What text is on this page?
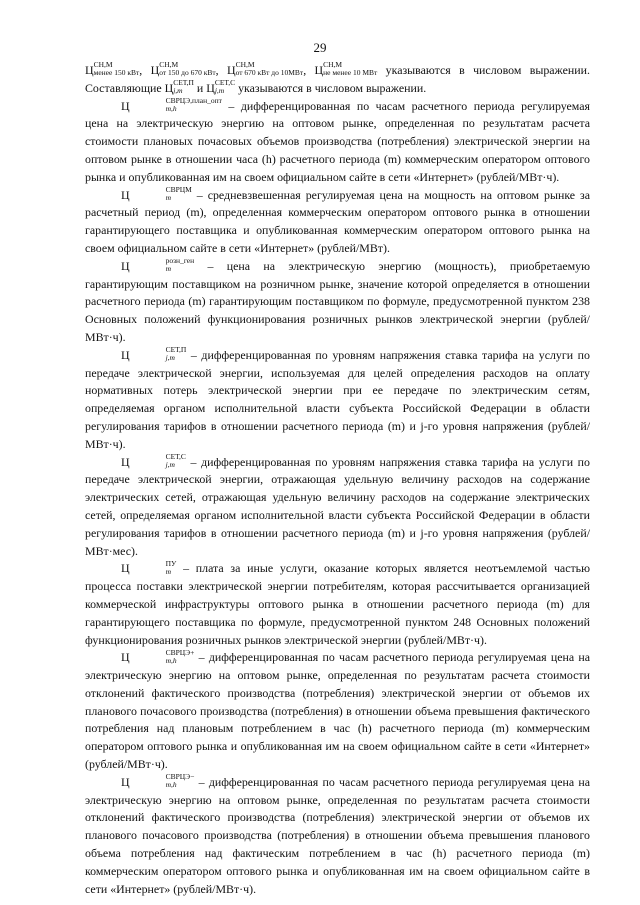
29

Ц СН,М
менее 150 кВт , Ц СН,М
от 150 до 670 кВт , Ц СН,М
от 670 кВт до 10МВт , Ц СН,М
не менее 10 МВт указываются в числовом выражении. Составляющие Ц СЕТ,П
j,m и Ц СЕТ,С
j,m указываются в числовом выражении.

Ц	СВРЦЭ,план_опт
m,h	– дифференцированная по часам расчетного периода регулируемая цена на электрическую энергию на оптовом рынке, определенная по результатам расчета стоимости плановых почасовых объемов производства (потребления) электрической энергии на оптовом рынке в отношении часа (h) расчетного периода (m) коммерческим оператором оптового рынка и опубликованная им на своем официальном сайте в сети «Интернет» (рублей/МВт·ч).

Ц	СВРЦМ
m	– средневзвешенная регулируемая цена на мощность на оптовом рынке за расчетный период (m), определенная коммерческим оператором оптового рынка в отношении гарантирующего поставщика и опубликованная коммерческим оператором оптового рынка на своем официальном сайте в сети «Интернет» (рублей/МВт).

Ц	розн_ген
m	– цена на электрическую энергию (мощность), приобретаемую гарантирующим поставщиком на розничном рынке, значение которой определяется в отношении расчетного периода (m) гарантирующим поставщиком по формуле, предусмотренной пунктом 238 Основных положений функционирования розничных рынков электрической энергии (рублей/МВт·ч).

Ц	СЕТ,П
j,m – дифференцированная по уровням напряжения ставка тарифа на услуги по передаче электрической энергии, используемая для целей определения расходов на оплату нормативных потерь электрической энергии при ее передаче по электрическим сетям, определяемая органом исполнительной власти субъекта Российской Федерации в области регулирования тарифов в отношении расчетного периода (m) и j-го уровня напряжения (рублей/МВт·ч).

Ц	СЕТ,С
j,m – дифференцированная по уровням напряжения ставка тарифа на услуги по передаче электрической энергии, отражающая удельную величину расходов на содержание электрических сетей, отражающая удельную величину расходов на содержание электрических сетей, определяемая органом исполнительной власти субъекта Российской Федерации в области регулирования тарифов в отношении расчетного периода (m) и j-го уровня напряжения (рублей/МВт·мес).

Ц	ПУ
m – плата за иные услуги, оказание которых является неотъемлемой частью процесса поставки электрической энергии потребителям, которая рассчитывается организацией коммерческой инфраструктуры оптового рынка в отношении расчетного периода (m) для гарантирующего поставщика по формуле, предусмотренной пунктом 248 Основных положений функционирования розничных рынков электрической энергии (рублей/МВт·ч).

Ц	СВРЦЭ+
m,h	– дифференцированная по часам расчетного периода регулируемая цена на электрическую энергию на оптовом рынке, определенная по результатам расчета стоимости отклонений фактического производства (потребления) электрической энергии от объемов их планового почасового производства (потребления) в отношении объема превышения фактического потребления над плановым потреблением в час (h) расчетного периода (m) коммерческим оператором оптового рынка и опубликованная им на своем официальном сайте в сети «Интернет» (рублей/МВт·ч).

Ц	СВРЦЭ−
m,h	– дифференцированная по часам расчетного периода регулируемая цена на электрическую энергию на оптовом рынке, определенная по результатам расчета стоимости отклонений фактического производства (потребления) электрической энергии от объемов их планового почасового производства (потребления) в отношении объема превышения планового объема потребления над фактическим потреблением в час (h) расчетного периода (m) коммерческим оператором оптового рынка и опубликованная им на своем официальном сайте в сети «Интернет» (рублей/МВт·ч).
